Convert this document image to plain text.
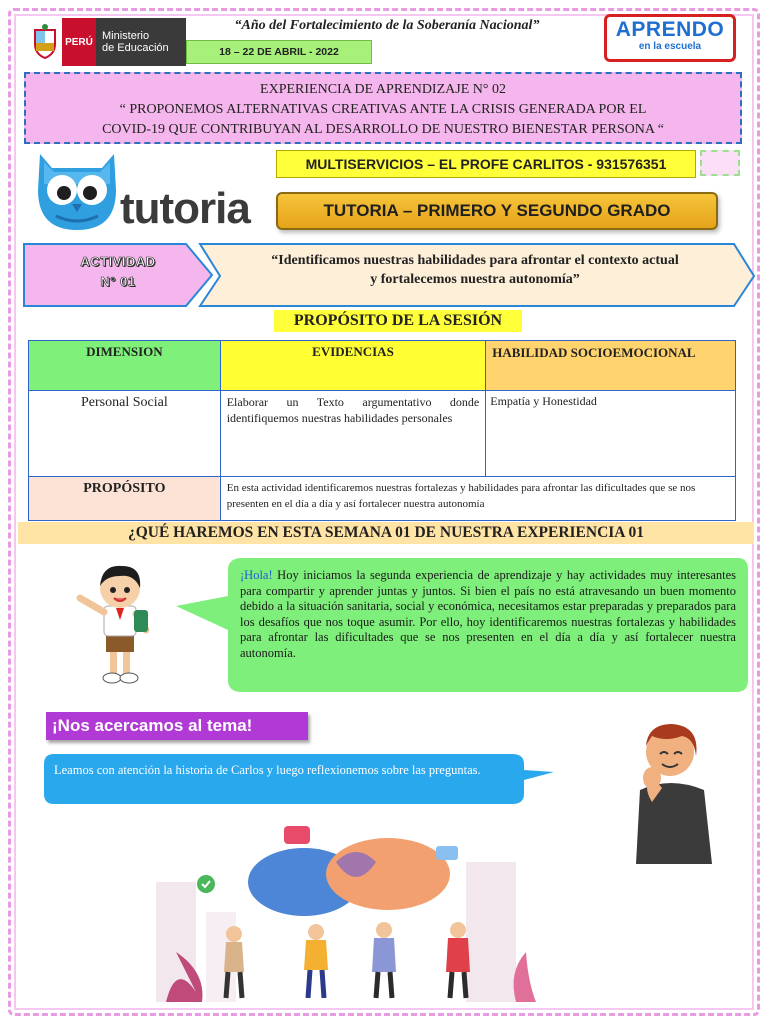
PERÚ Ministerio
de Educación
“Año del Fortalecimiento de la Soberanía Nacional”
18 – 22 DE ABRIL - 2022
APRENDO
en la escuela
EXPERIENCIA DE APRENDIZAJE N° 02
“ PROPONEMOS ALTERNATIVAS CREATIVAS ANTE LA CRISIS GENERADA POR EL
COVID-19 QUE CONTRIBUYAN AL DESARROLLO DE NUESTRO BIENESTAR PERSONA “
tutoria
MULTISERVICIOS – EL PROFE CARLITOS - 931576351
TUTORIA – PRIMERO Y SEGUNDO GRADO
ACTIVIDAD
N° 01
“Identificamos nuestras habilidades para afrontar el contexto actual
y fortalecemos nuestra autonomía”
PROPÓSITO DE LA SESIÓN
DIMENSION	EVIDENCIAS	HABILIDAD SOCIOEMOCIONAL
Personal Social	Elaborar un Texto argumentativo donde identifiquemos nuestras habilidades personales	Empatía y Honestidad
PROPÓSITO	En esta actividad identificaremos nuestras fortalezas y habilidades para afrontar las dificultades que se nos presenten en el día a día y así fortalecer nuestra autonomía	
¿QUÉ HAREMOS EN ESTA SEMANA 01 DE NUESTRA EXPERIENCIA 01
¡Hola! Hoy iniciamos la segunda experiencia de aprendizaje y hay actividades muy interesantes para compartir y aprender juntas y juntos. Si bien el país no está atravesando un buen momento debido a la situación sanitaria, social y económica, necesitamos estar preparadas y preparados para los desafíos que nos toque asumir. Por ello, hoy identificaremos nuestras fortalezas y habilidades para afrontar las dificultades que se nos presenten en el día a día y así fortalecer nuestra autonomía.
¡Nos acercamos al tema!
Leamos con atención la historia de Carlos y luego reflexionemos sobre las preguntas.
